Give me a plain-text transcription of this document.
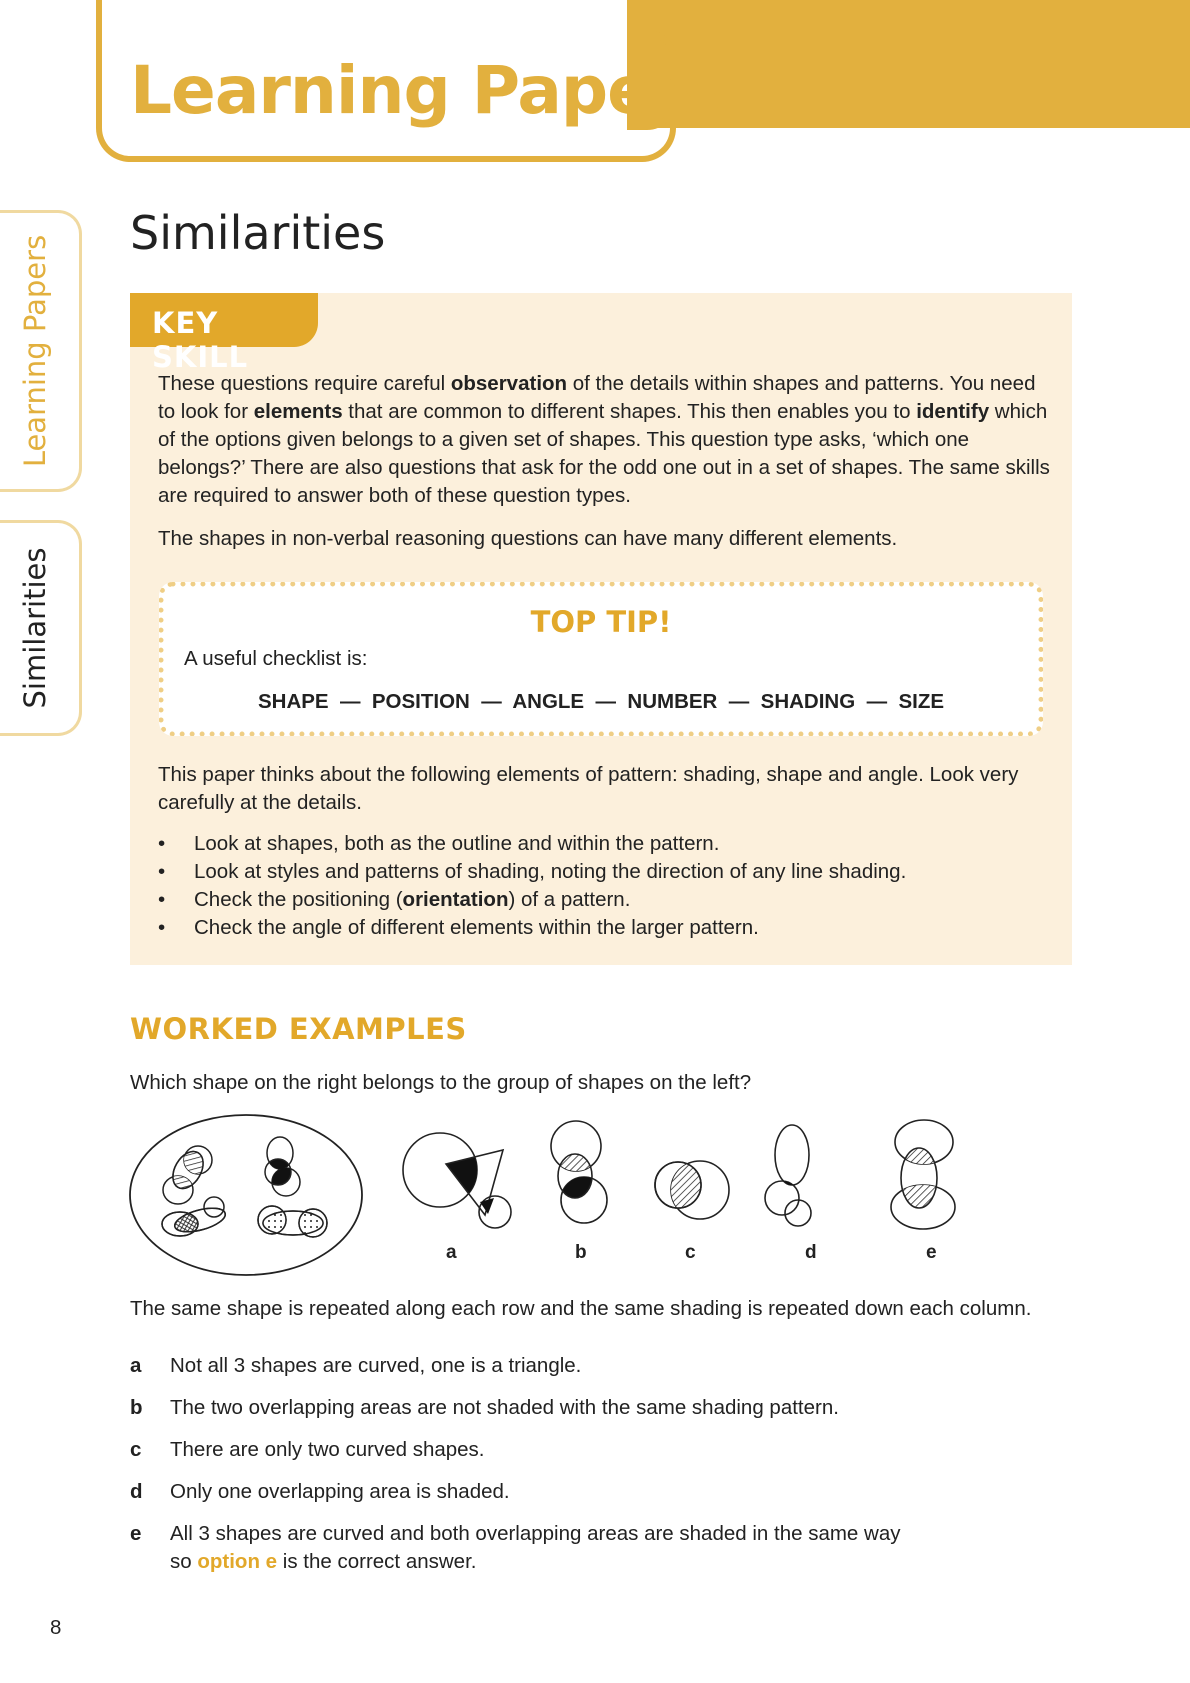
Learning Papers
Learning Papers
Similarities
Similarities
KEY SKILL
These questions require careful observation of the details within shapes and patterns. You need to look for elements that are common to different shapes. This then enables you to identify which of the options given belongs to a given set of shapes. This question type asks, ‘which one belongs?’ There are also questions that ask for the odd one out in a set of shapes. The same skills are required to answer both of these question types.
The shapes in non-verbal reasoning questions can have many different elements.
TOP TIP!
A useful checklist is:
SHAPE  —  POSITION  —  ANGLE  —  NUMBER  —  SHADING  —  SIZE
This paper thinks about the following elements of pattern: shading, shape and angle. Look very carefully at the details.
• Look at shapes, both as the outline and within the pattern.
• Look at styles and patterns of shading, noting the direction of any line shading.
• Check the positioning (orientation) of a pattern.
• Check the angle of different elements within the larger pattern.
WORKED EXAMPLES
Which shape on the right belongs to the group of shapes on the left?
a	b	c	d	e
The same shape is repeated along each row and the same shading is repeated down each column.
a Not all 3 shapes are curved, one is a triangle.
b The two overlapping areas are not shaded with the same shading pattern.
c There are only two curved shapes.
d Only one overlapping area is shaded.
e All 3 shapes are curved and both overlapping areas are shaded in the same way
so option e is the correct answer.
8
